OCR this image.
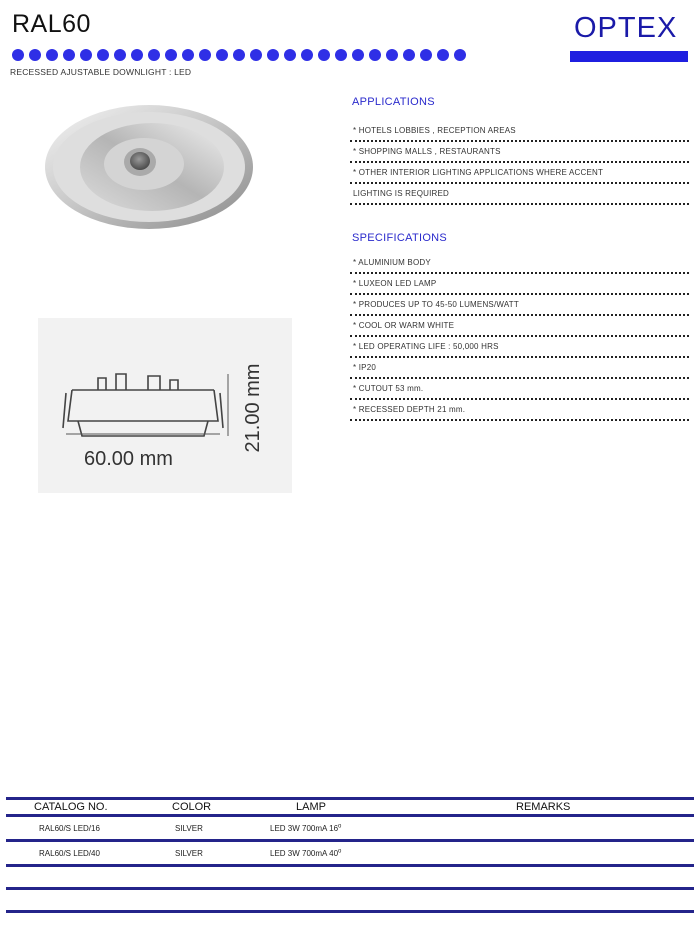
RAL60	OPTEX
RECESSED AJUSTABLE DOWNLIGHT : LED
21.00 mm
60.00 mm
APPLICATIONS
* HOTELS LOBBIES , RECEPTION AREAS
* SHOPPING MALLS , RESTAURANTS
* OTHER INTERIOR LIGHTING APPLICATIONS WHERE ACCENT
LIGHTING IS REQUIRED
SPECIFICATIONS
* ALUMINIUM BODY
* LUXEON LED LAMP
* PRODUCES UP TO 45-50 LUMENS/WATT
* COOL OR WARM WHITE
* LED OPERATING LIFE : 50,000 HRS
* IP20
* CUTOUT 53 mm.
* RECESSED DEPTH 21 mm.
CATALOG NO.	COLOR	LAMP	REMARKS
RAL60/S LED/16	SILVER	LED 3W 700mA 16$^o$
RAL60/S LED/40	SILVER	LED 3W 700mA 40$^o$
